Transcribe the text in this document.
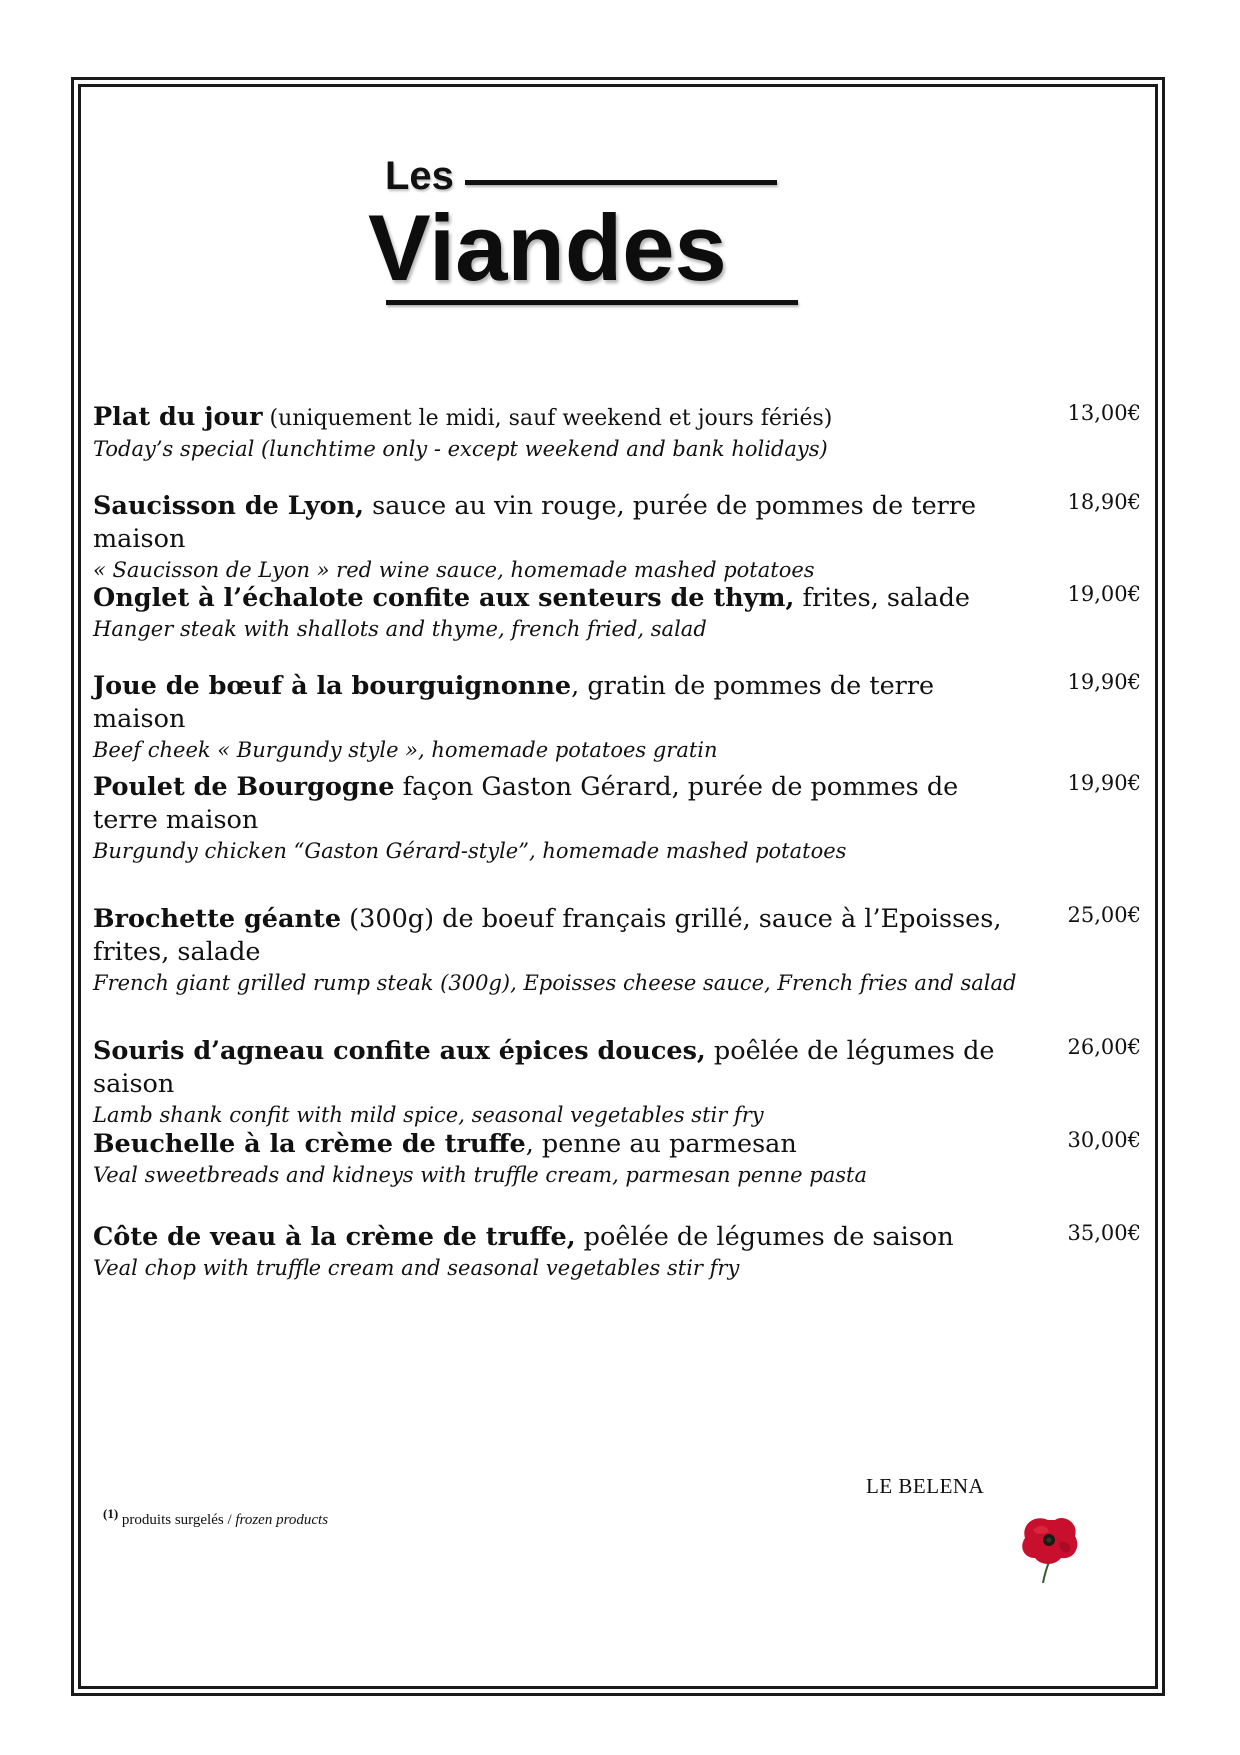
Les
Viandes
Plat du jour (uniquement le midi, sauf weekend et jours fériés)
Today’s special (lunchtime only - except weekend and bank holidays)
13,00€
Saucisson de Lyon, sauce au vin rouge, purée de pommes de terre maison
« Saucisson de Lyon » red wine sauce, homemade mashed potatoes
18,90€
Onglet à l’échalote confite aux senteurs de thym, frites, salade
Hanger steak with shallots and thyme, french fried, salad
19,00€
Joue de bœuf à la bourguignonne, gratin de pommes de terre maison
Beef cheek « Burgundy style », homemade potatoes gratin
19,90€
Poulet de Bourgogne façon Gaston Gérard, purée de pommes de terre maison
Burgundy chicken “Gaston Gérard-style”, homemade mashed potatoes
19,90€
Brochette géante (300g) de boeuf français grillé, sauce à l’Epoisses, frites, salade
French giant grilled rump steak (300g), Epoisses cheese sauce, French fries and salad
25,00€
Souris d’agneau confite aux épices douces, poêlée de légumes de saison
Lamb shank confit with mild spice, seasonal vegetables stir fry
26,00€
Beuchelle à la crème de truffe, penne au parmesan
Veal sweetbreads and kidneys with truffle cream, parmesan penne pasta
30,00€
Côte de veau à la crème de truffe, poêlée de légumes de saison
Veal chop with truffle cream and seasonal vegetables stir fry
35,00€
LE BELENA
$^{(1)}$ produits surgelés / frozen products
